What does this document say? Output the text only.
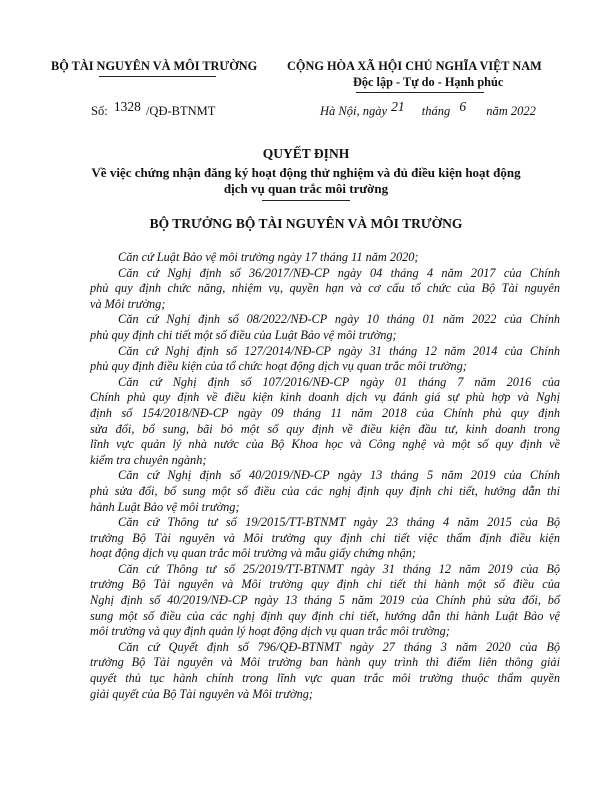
BỘ TÀI NGUYÊN VÀ MÔI TRƯỜNG CỘNG HÒA XÃ HỘI CHỦ NGHĨA VIỆT NAM
Độc lập - Tự do - Hạnh phúc
Số: 1328 /QĐ-BTNMT	Hà Nội, ngày 21 tháng 6 năm 2022
QUYẾT ĐỊNH
Về việc chứng nhận đăng ký hoạt động thử nghiệm và đủ điều kiện hoạt động
dịch vụ quan trắc môi trường
BỘ TRƯỞNG BỘ TÀI NGUYÊN VÀ MÔI TRƯỜNG
Căn cứ Luật Bảo vệ môi trường ngày 17 tháng 11 năm 2020;
Căn cứ Nghị định số 36/2017/NĐ-CP ngày 04 tháng 4 năm 2017 của Chính
phủ quy định chức năng, nhiệm vụ, quyền hạn và cơ cấu tổ chức của Bộ Tài nguyên
và Môi trường;
Căn cứ Nghị định số 08/2022/NĐ-CP ngày 10 tháng 01 năm 2022 của Chính
phủ quy định chi tiết một số điều của Luật Bảo vệ môi trường;
Căn cứ Nghị định số 127/2014/NĐ-CP ngày 31 tháng 12 năm 2014 của Chính
phủ quy định điều kiện của tổ chức hoạt động dịch vụ quan trắc môi trường;
Căn cứ Nghị định số 107/2016/NĐ-CP ngày 01 tháng 7 năm 2016 của
Chính phủ quy định về điều kiện kinh doanh dịch vụ đánh giá sự phù hợp và Nghị
định số 154/2018/NĐ-CP ngày 09 tháng 11 năm 2018 của Chính phủ quy định
sửa đổi, bổ sung, bãi bỏ một số quy định về điều kiện đầu tư, kinh doanh trong
lĩnh vực quản lý nhà nước của Bộ Khoa học và Công nghệ và một số quy định về
kiểm tra chuyên ngành;
Căn cứ Nghị định số 40/2019/NĐ-CP ngày 13 tháng 5 năm 2019 của Chính
phủ sửa đổi, bổ sung một số điều của các nghị định quy định chi tiết, hướng dẫn thi
hành Luật Bảo vệ môi trường;
Căn cứ Thông tư số 19/2015/TT-BTNMT ngày 23 tháng 4 năm 2015 của Bộ
trưởng Bộ Tài nguyên và Môi trường quy định chi tiết việc thẩm định điều kiện
hoạt động dịch vụ quan trắc môi trường và mẫu giấy chứng nhận;
Căn cứ Thông tư số 25/2019/TT-BTNMT ngày 31 tháng 12 năm 2019 của Bộ
trưởng Bộ Tài nguyên và Môi trường quy định chi tiết thi hành một số điều của
Nghị định số 40/2019/NĐ-CP ngày 13 tháng 5 năm 2019 của Chính phủ sửa đổi, bổ
sung một số điều của các nghị định quy định chi tiết, hướng dẫn thi hành Luật Bảo vệ
môi trường và quy định quản lý hoạt động dịch vụ quan trắc môi trường;
Căn cứ Quyết định số 796/QĐ-BTNMT ngày 27 tháng 3 năm 2020 của Bộ
trưởng Bộ Tài nguyên và Môi trường ban hành quy trình thì điểm liên thông giải
quyết thủ tục hành chính trong lĩnh vực quan trắc môi trường thuộc thẩm quyền
giải quyết của Bộ Tài nguyên và Môi trường;
